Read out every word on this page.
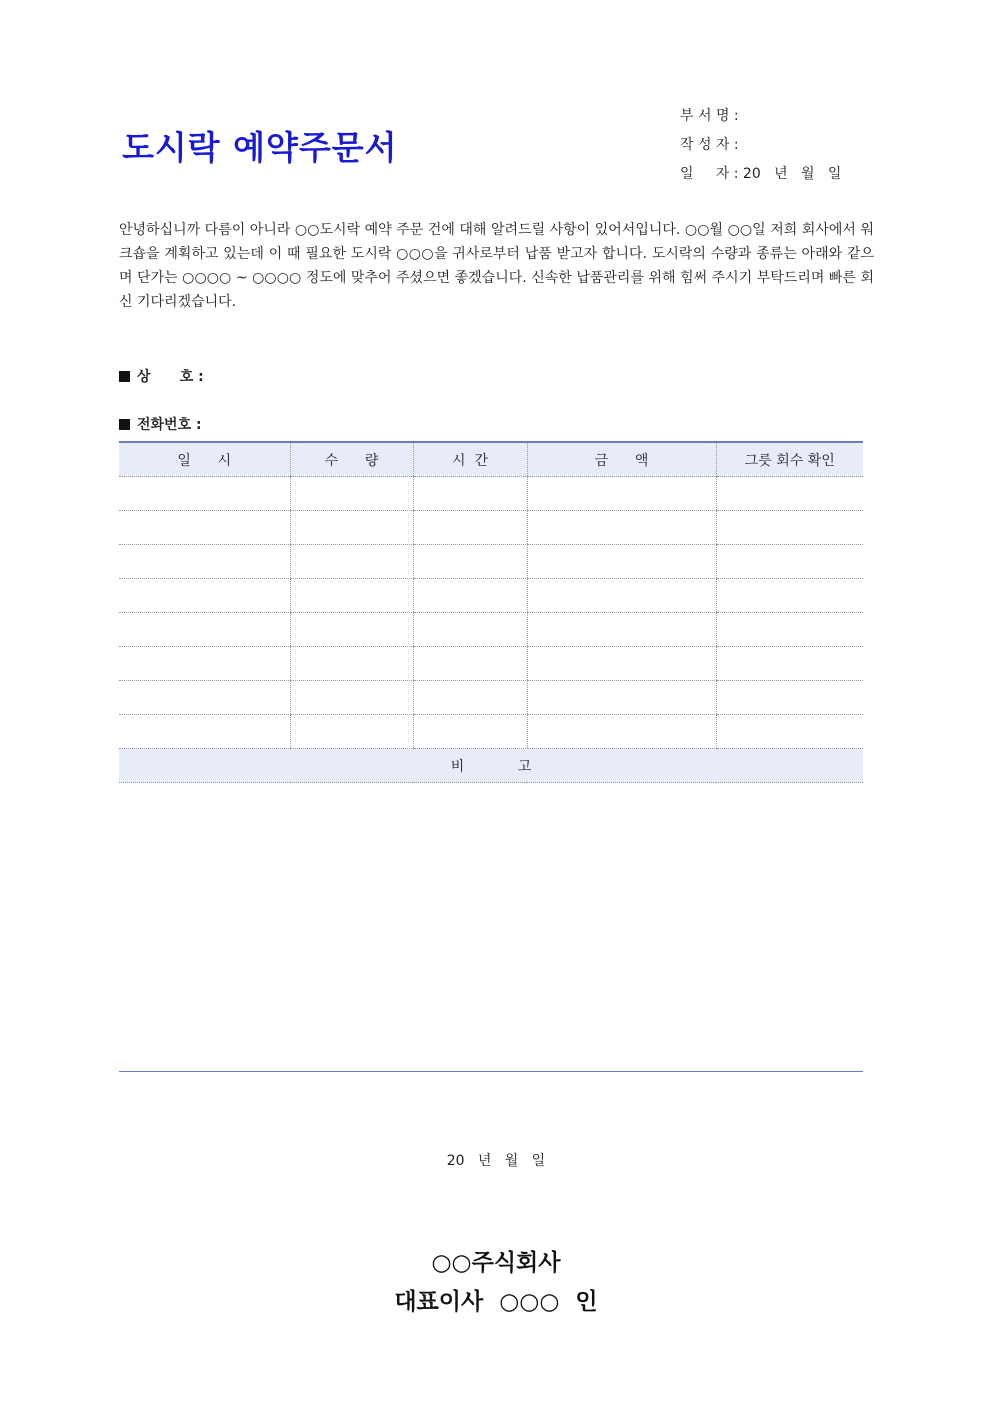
도시락 예약주문서
부 서 명 :
작 성 자 :
일     자 : 20   년   월   일

안녕하십니까 다름이 아니라 ○○도시락 예약 주문 건에 대해 알려드릴 사항이 있어서입니다. ○○월 ○○일 저희 회사에서 워크숍을 계획하고 있는데 이 때 필요한 도시락 ○○○을 귀사로부터 납품 받고자 합니다. 도시락의 수량과 종류는 아래와 같으며 단가는 ○○○○ ~ ○○○○ 정도에 맞추어 주셨으면 좋겠습니다. 신속한 납품관리를 위해 힘써 주시기 부탁드리며 빠른 회신 기다리겠습니다.

상      호 :
전화번호 :
일      시	수      량	시  간	금      액	그릇 회수 확인

비            고				
20   년   월   일
○○주식회사
대표이사  ○○○  인
